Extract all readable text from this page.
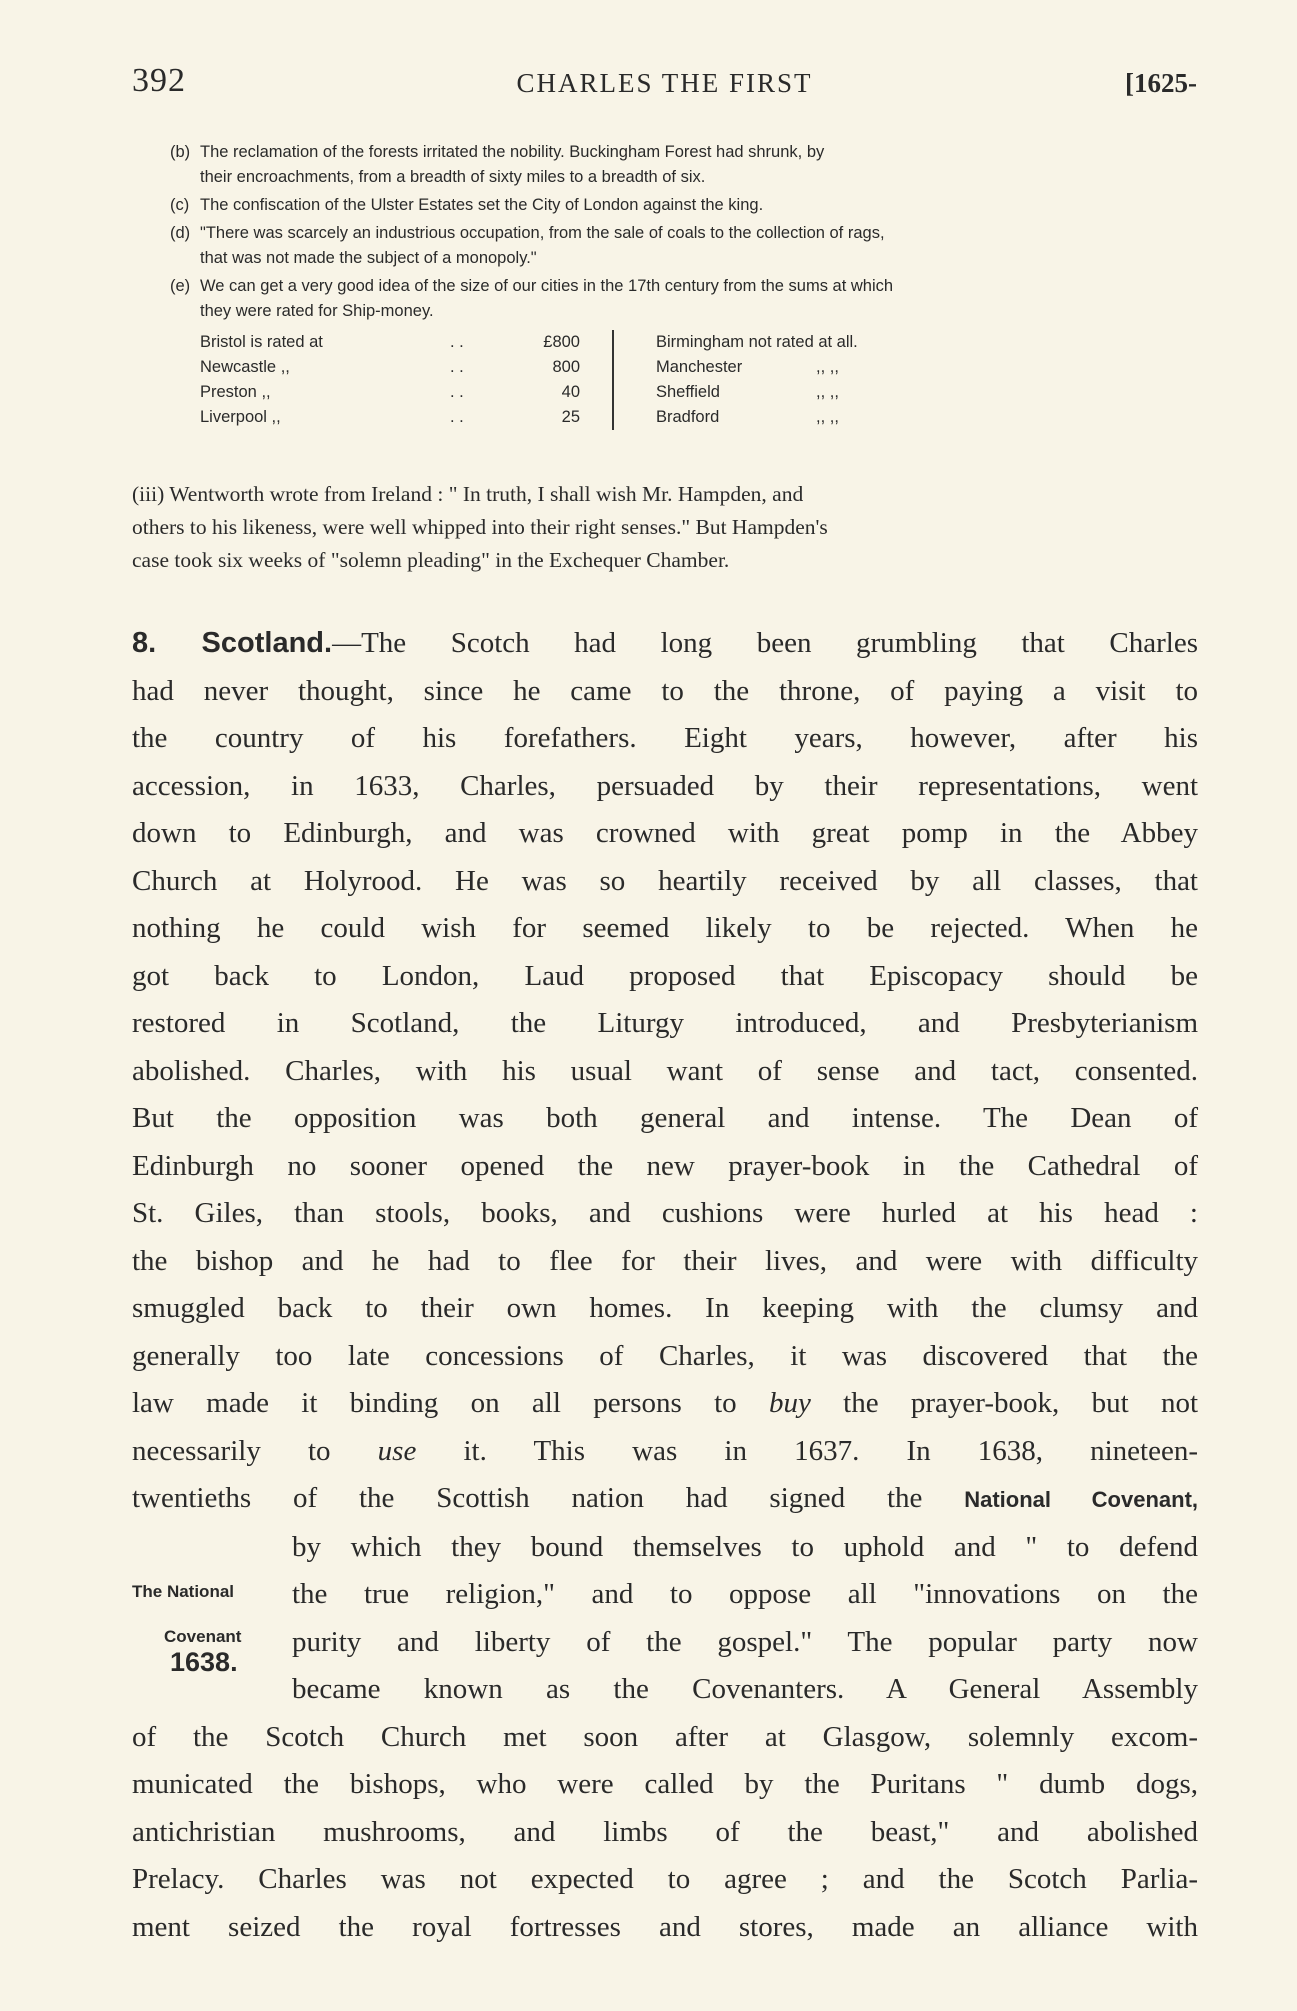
392	CHARLES THE FIRST	[1625-
(b) The reclamation of the forests irritated the nobility. Buckingham Forest had shrunk, by
their encroachments, from a breadth of sixty miles to a breadth of six.
(c) The confiscation of the Ulster Estates set the City of London against the king.
(d) "There was scarcely an industrious occupation, from the sale of coals to the collection of rags,
that was not made the subject of a monopoly."
(e) We can get a very good idea of the size of our cities in the 17th century from the sums at which
they were rated for Ship-money.
Bristol is rated at	. .	£800
Newcastle ,,	. .	800
Preston ,,	. .	40
Liverpool ,,	. .	25
Birmingham not rated at all.
Manchester	,, ,,
Sheffield	,, ,,
Bradford	,, ,,
(iii) Wentworth wrote from Ireland : " In truth, I shall wish Mr. Hampden, and
others to his likeness, were well whipped into their right senses." But Hampden's
case took six weeks of "solemn pleading" in the Exchequer Chamber.
8. Scotland.—The Scotch had long been grumbling that Charles
had never thought, since he came to the throne, of paying a visit to
the country of his forefathers. Eight years, however, after his
accession, in 1633, Charles, persuaded by their representations, went
down to Edinburgh, and was crowned with great pomp in the Abbey
Church at Holyrood. He was so heartily received by all classes, that
nothing he could wish for seemed likely to be rejected. When he
got back to London, Laud proposed that Episcopacy should be
restored in Scotland, the Liturgy introduced, and Presbyterianism
abolished. Charles, with his usual want of sense and tact, consented.
But the opposition was both general and intense. The Dean of
Edinburgh no sooner opened the new prayer-book in the Cathedral of
St. Giles, than stools, books, and cushions were hurled at his head :
the bishop and he had to flee for their lives, and were with difficulty
smuggled back to their own homes. In keeping with the clumsy and
generally too late concessions of Charles, it was discovered that the
law made it binding on all persons to buy the prayer-book, but not
necessarily to use it. This was in 1637. In 1638, nineteen-
twentieths of the Scottish nation had signed the National Covenant,
by which they bound themselves to uphold and " to defend
the true religion," and to oppose all "innovations on the
purity and liberty of the gospel." The popular party now
became known as the Covenanters. A General Assembly
of the Scotch Church met soon after at Glasgow, solemnly excom-
municated the bishops, who were called by the Puritans " dumb dogs,
antichristian mushrooms, and limbs of the beast," and abolished
Prelacy. Charles was not expected to agree ; and the Scotch Parlia-
ment seized the royal fortresses and stores, made an alliance with
The National
Covenant
1638.
